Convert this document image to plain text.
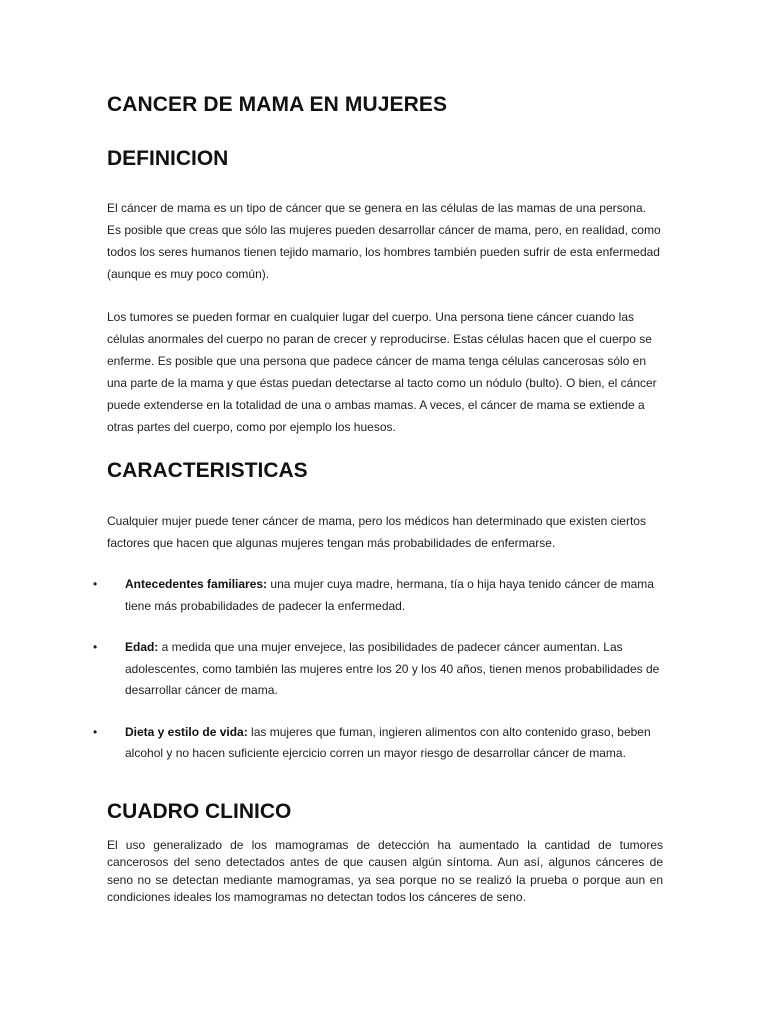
CANCER DE MAMA EN MUJERES
DEFINICION

El cáncer de mama es un tipo de cáncer que se genera en las células de las mamas de una persona. Es posible que creas que sólo las mujeres pueden desarrollar cáncer de mama, pero, en realidad, como todos los seres humanos tienen tejido mamario, los hombres también pueden sufrir de esta enfermedad (aunque es muy poco común).

Los tumores se pueden formar en cualquier lugar del cuerpo. Una persona tiene cáncer cuando las células anormales del cuerpo no paran de crecer y reproducirse. Estas células hacen que el cuerpo se enferme. Es posible que una persona que padece cáncer de mama tenga células cancerosas sólo en una parte de la mama y que éstas puedan detectarse al tacto como un nódulo (bulto). O bien, el cáncer puede extenderse en la totalidad de una o ambas mamas. A veces, el cáncer de mama se extiende a otras partes del cuerpo, como por ejemplo los huesos.

CARACTERISTICAS

Cualquier mujer puede tener cáncer de mama, pero los médicos han determinado que existen ciertos factores que hacen que algunas mujeres tengan más probabilidades de enfermarse.

• Antecedentes familiares: una mujer cuya madre, hermana, tía o hija haya tenido cáncer de mama tiene más probabilidades de padecer la enfermedad.
• Edad: a medida que una mujer envejece, las posibilidades de padecer cáncer aumentan. Las adolescentes, como también las mujeres entre los 20 y los 40 años, tienen menos probabilidades de desarrollar cáncer de mama.
• Dieta y estilo de vida: las mujeres que fuman, ingieren alimentos con alto contenido graso, beben alcohol y no hacen suficiente ejercicio corren un mayor riesgo de desarrollar cáncer de mama.
CUADRO CLINICO

El uso generalizado de los mamogramas de detección ha aumentado la cantidad de tumores cancerosos del seno detectados antes de que causen algún síntoma. Aun así, algunos cánceres de seno no se detectan mediante mamogramas, ya sea porque no se realizó la prueba o porque aun en condiciones ideales los mamogramas no detectan todos los cánceres de seno.
